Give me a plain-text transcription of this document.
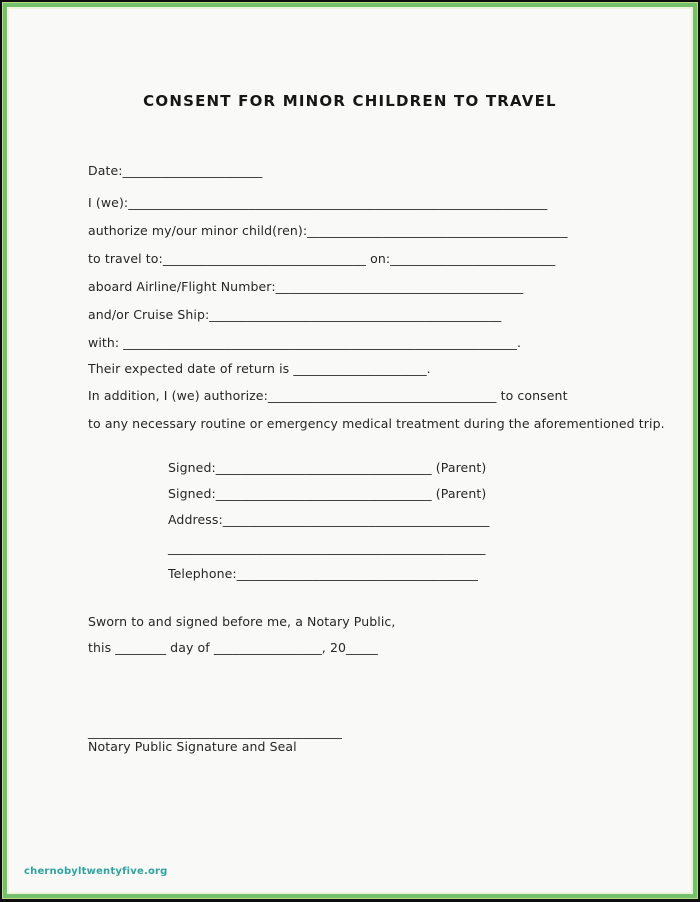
CONSENT FOR MINOR CHILDREN TO TRAVEL
Date:______________________
I (we):__________________________________________________________________
authorize my/our minor child(ren):_________________________________________
to travel to:________________________________ on:__________________________
aboard Airline/Flight Number:_______________________________________
and/or Cruise Ship:______________________________________________
with: ______________________________________________________________.
Their expected date of return is _____________________.
In addition, I (we) authorize:____________________________________ to consent
to any necessary routine or emergency medical treatment during the aforementioned trip.
Signed:__________________________________ (Parent)
Signed:__________________________________ (Parent)
Address:__________________________________________
__________________________________________________
Telephone:______________________________________
Sworn to and signed before me, a Notary Public,
this ________ day of _________________, 20_____
________________________________________
Notary Public Signature and Seal
chernobyltwentyfive.org
